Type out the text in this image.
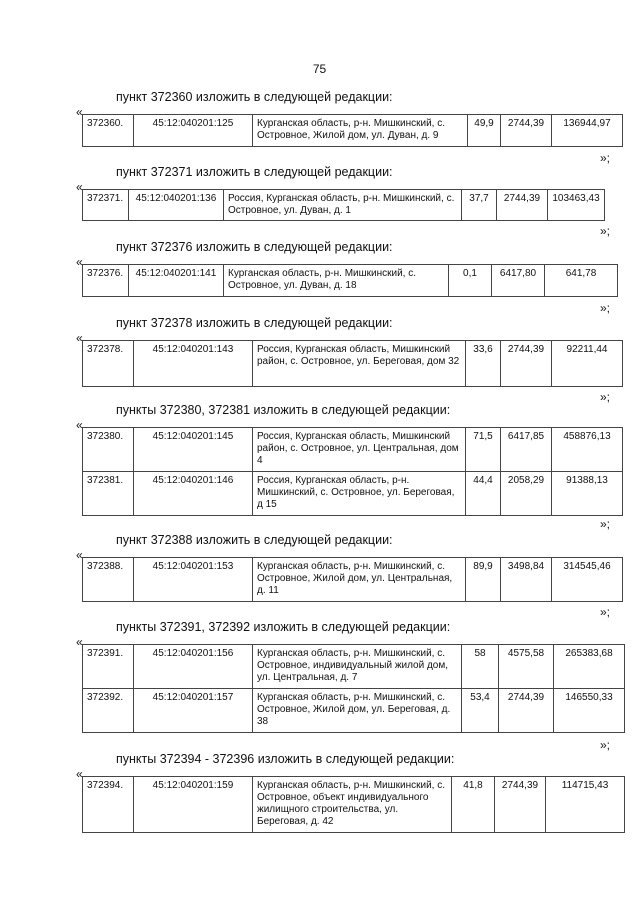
75
пункт 372360 изложить в следующей редакции:
«
372360.	45:12:040201:125	Курганская область, р-н. Мишкинский, с. Островное, Жилой дом, ул. Дуван, д. 9	49,9	2744,39	136944,97
»;
пункт 372371 изложить в следующей редакции:
«
372371.	45:12:040201:136	Россия, Курганская область, р-н. Мишкинский, с. Островное, ул. Дуван, д. 1	37,7	2744,39	103463,43
»;
пункт 372376 изложить в следующей редакции:
«
372376.	45:12:040201:141	Курганская область, р-н. Мишкинский, с. Островное, ул. Дуван, д. 18	0,1	6417,80	641,78
»;
пункт 372378 изложить в следующей редакции:
«
372378.	45:12:040201:143	Россия, Курганская область, Мишкинский район, с. Островное, ул. Береговая, дом 32	33,6	2744,39	92211,44
»;
пункты 372380, 372381 изложить в следующей редакции:
«
372380.	45:12:040201:145	Россия, Курганская область, Мишкинский район, с. Островное, ул. Центральная, дом 4	71,5	6417,85	458876,13
372381.	45:12:040201:146	Россия, Курганская область, р-н. Мишкинский, с. Островное, ул. Береговая, д 15	44,4	2058,29	91388,13
»;
пункт 372388 изложить в следующей редакции:
«
372388.	45:12:040201:153	Курганская область, р-н. Мишкинский, с. Островное, Жилой дом, ул. Центральная, д. 11	89,9	3498,84	314545,46
»;
пункты 372391, 372392 изложить в следующей редакции:
«
372391.	45:12:040201:156	Курганская область, р-н. Мишкинский, с. Островное, индивидуальный жилой дом, ул. Центральная, д. 7	58	4575,58	265383,68
372392.	45:12:040201:157	Курганская область, р-н. Мишкинский, с. Островное, Жилой дом, ул. Береговая, д. 38	53,4	2744,39	146550,33
»;
пункты 372394 - 372396 изложить в следующей редакции:
«
372394.	45:12:040201:159	Курганская область, р-н. Мишкинский, с. Островное, объект индивидуального жилищного строительства, ул. Береговая, д. 42	41,8	2744,39	114715,43
